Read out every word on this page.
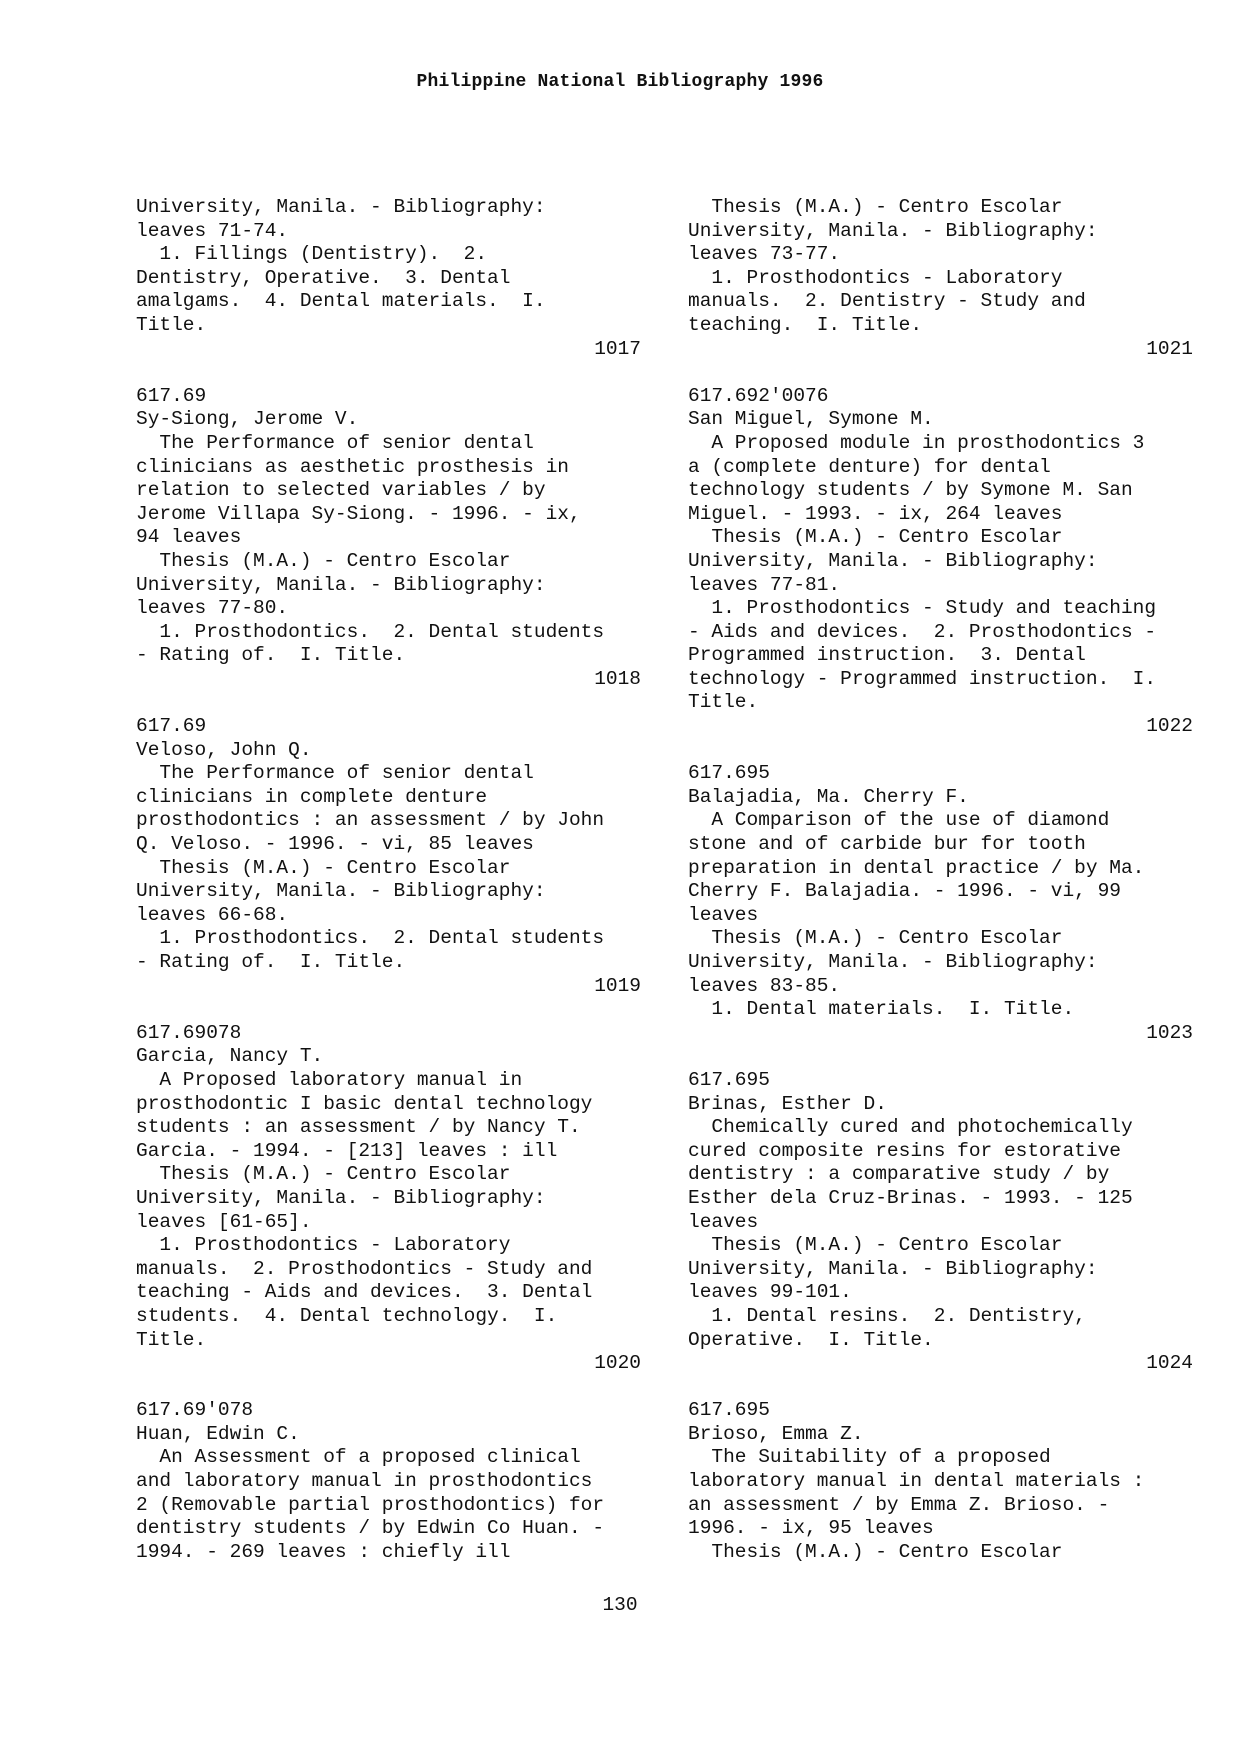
Philippine National Bibliography 1996
University, Manila. - Bibliography:
leaves 71-74.
1. Fillings (Dentistry).  2.
Dentistry, Operative.  3. Dental
amalgams.  4. Dental materials.  I.
Title.
1017
617.69
Sy-Siong, Jerome V.
The Performance of senior dental
clinicians as aesthetic prosthesis in
relation to selected variables / by
Jerome Villapa Sy-Siong. - 1996. - ix,
94 leaves
Thesis (M.A.) - Centro Escolar
University, Manila. - Bibliography:
leaves 77-80.
1. Prosthodontics.  2. Dental students
- Rating of.  I. Title.
1018
617.69
Veloso, John Q.
The Performance of senior dental
clinicians in complete denture
prosthodontics : an assessment / by John
Q. Veloso. - 1996. - vi, 85 leaves
Thesis (M.A.) - Centro Escolar
University, Manila. - Bibliography:
leaves 66-68.
1. Prosthodontics.  2. Dental students
- Rating of.  I. Title.
1019
617.69078
Garcia, Nancy T.
A Proposed laboratory manual in
prosthodontic I basic dental technology
students : an assessment / by Nancy T.
Garcia. - 1994. - [213] leaves : ill
Thesis (M.A.) - Centro Escolar
University, Manila. - Bibliography:
leaves [61-65].
1. Prosthodontics - Laboratory
manuals.  2. Prosthodontics - Study and
teaching - Aids and devices.  3. Dental
students.  4. Dental technology.  I.
Title.
1020
617.69'078
Huan, Edwin C.
An Assessment of a proposed clinical
and laboratory manual in prosthodontics
2 (Removable partial prosthodontics) for
dentistry students / by Edwin Co Huan. -
1994. - 269 leaves : chiefly ill
Thesis (M.A.) - Centro Escolar
University, Manila. - Bibliography:
leaves 73-77.
1. Prosthodontics - Laboratory
manuals.  2. Dentistry - Study and
teaching.  I. Title.
1021
617.692'0076
San Miguel, Symone M.
A Proposed module in prosthodontics 3
a (complete denture) for dental
technology students / by Symone M. San
Miguel. - 1993. - ix, 264 leaves
Thesis (M.A.) - Centro Escolar
University, Manila. - Bibliography:
leaves 77-81.
1. Prosthodontics - Study and teaching
- Aids and devices.  2. Prosthodontics -
Programmed instruction.  3. Dental
technology - Programmed instruction.  I.
Title.
1022
617.695
Balajadia, Ma. Cherry F.
A Comparison of the use of diamond
stone and of carbide bur for tooth
preparation in dental practice / by Ma.
Cherry F. Balajadia. - 1996. - vi, 99
leaves
Thesis (M.A.) - Centro Escolar
University, Manila. - Bibliography:
leaves 83-85.
1. Dental materials.  I. Title.
1023
617.695
Brinas, Esther D.
Chemically cured and photochemically
cured composite resins for estorative
dentistry : a comparative study / by
Esther dela Cruz-Brinas. - 1993. - 125
leaves
Thesis (M.A.) - Centro Escolar
University, Manila. - Bibliography:
leaves 99-101.
1. Dental resins.  2. Dentistry,
Operative.  I. Title.
1024
617.695
Brioso, Emma Z.
The Suitability of a proposed
laboratory manual in dental materials :
an assessment / by Emma Z. Brioso. -
1996. - ix, 95 leaves
Thesis (M.A.) - Centro Escolar
130
